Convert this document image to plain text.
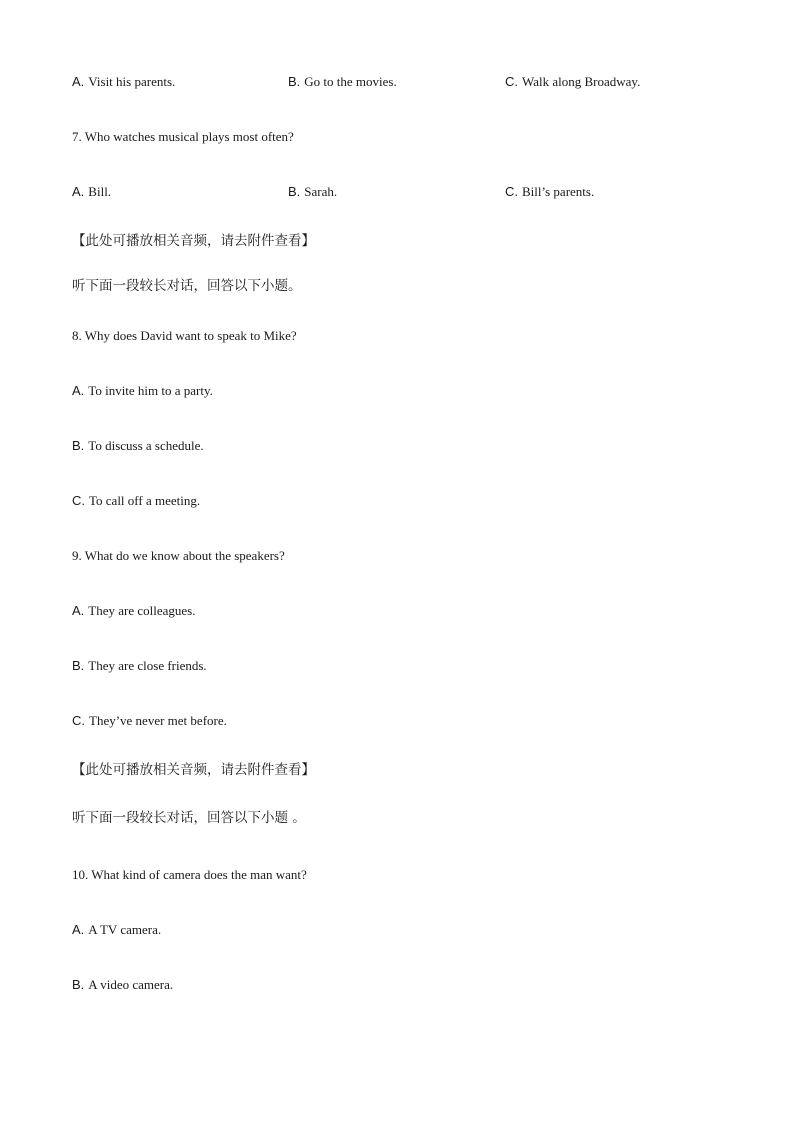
A. Visit his parents.	B. Go to the movies.	C. Walk along Broadway.
7. Who watches musical plays most often?
A. Bill.	B. Sarah.	C. Bill’s parents.
【此处可播放相关音频，请去附件查看】
听下面一段较长对话，回答以下小题。
8. Why does David want to speak to Mike?
A. To invite him to a party.
B. To discuss a schedule.
C. To call off a meeting.
9. What do we know about the speakers?
A. They are colleagues.
B. They are close friends.
C. They’ve never met before.
【此处可播放相关音频，请去附件查看】
听下面一段较长对话，回答以下小题 。
10. What kind of camera does the man want?
A. A TV camera.
B. A video camera.
